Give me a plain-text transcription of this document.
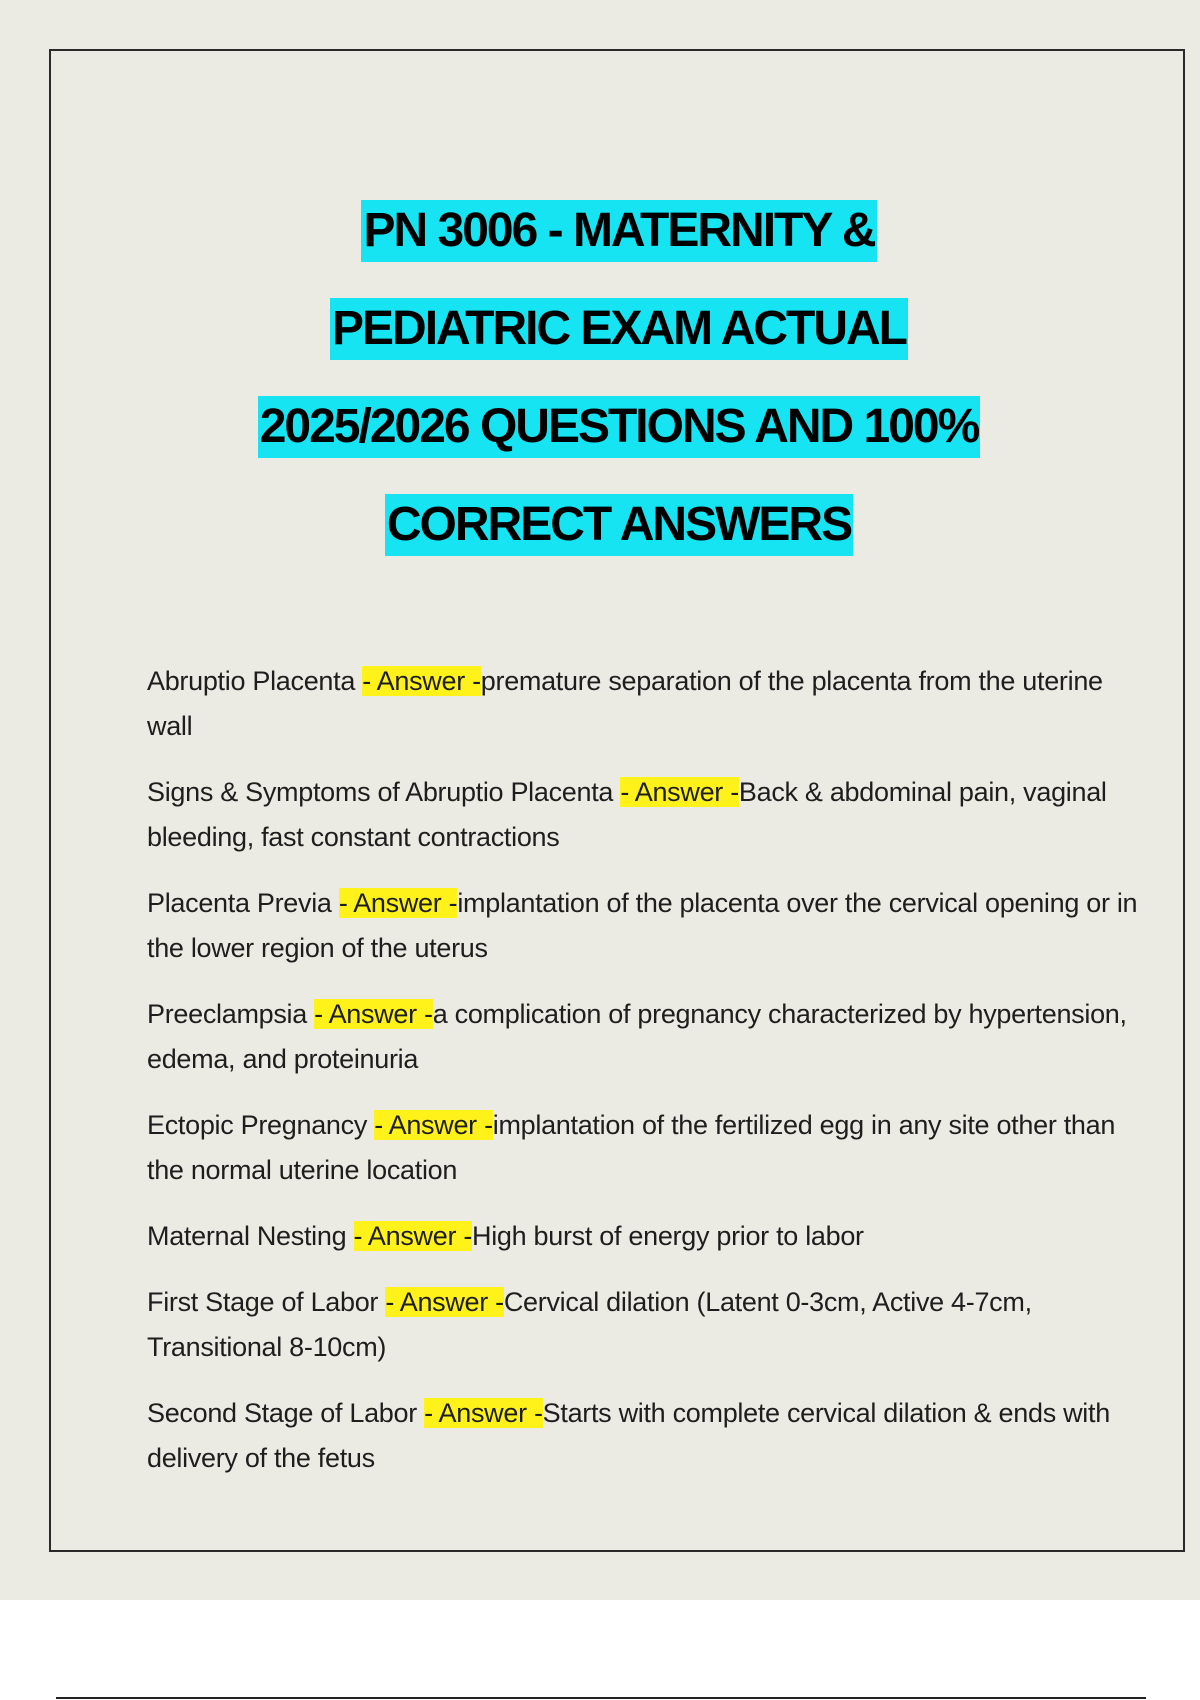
PN 3006 - MATERNITY &
PEDIATRIC EXAM ACTUAL
2025/2026 QUESTIONS AND 100%
CORRECT ANSWERS

Abruptio Placenta - Answer -premature separation of the placenta from the uterine wall

Signs & Symptoms of Abruptio Placenta - Answer -Back & abdominal pain, vaginal bleeding, fast constant contractions

Placenta Previa - Answer -implantation of the placenta over the cervical opening or in the lower region of the uterus

Preeclampsia - Answer -a complication of pregnancy characterized by hypertension, edema, and proteinuria

Ectopic Pregnancy - Answer -implantation of the fertilized egg in any site other than the normal uterine location

Maternal Nesting - Answer -High burst of energy prior to labor

First Stage of Labor - Answer -Cervical dilation (Latent 0-3cm, Active 4-7cm, Transitional 8-10cm)

Second Stage of Labor - Answer -Starts with complete cervical dilation & ends with delivery of the fetus
